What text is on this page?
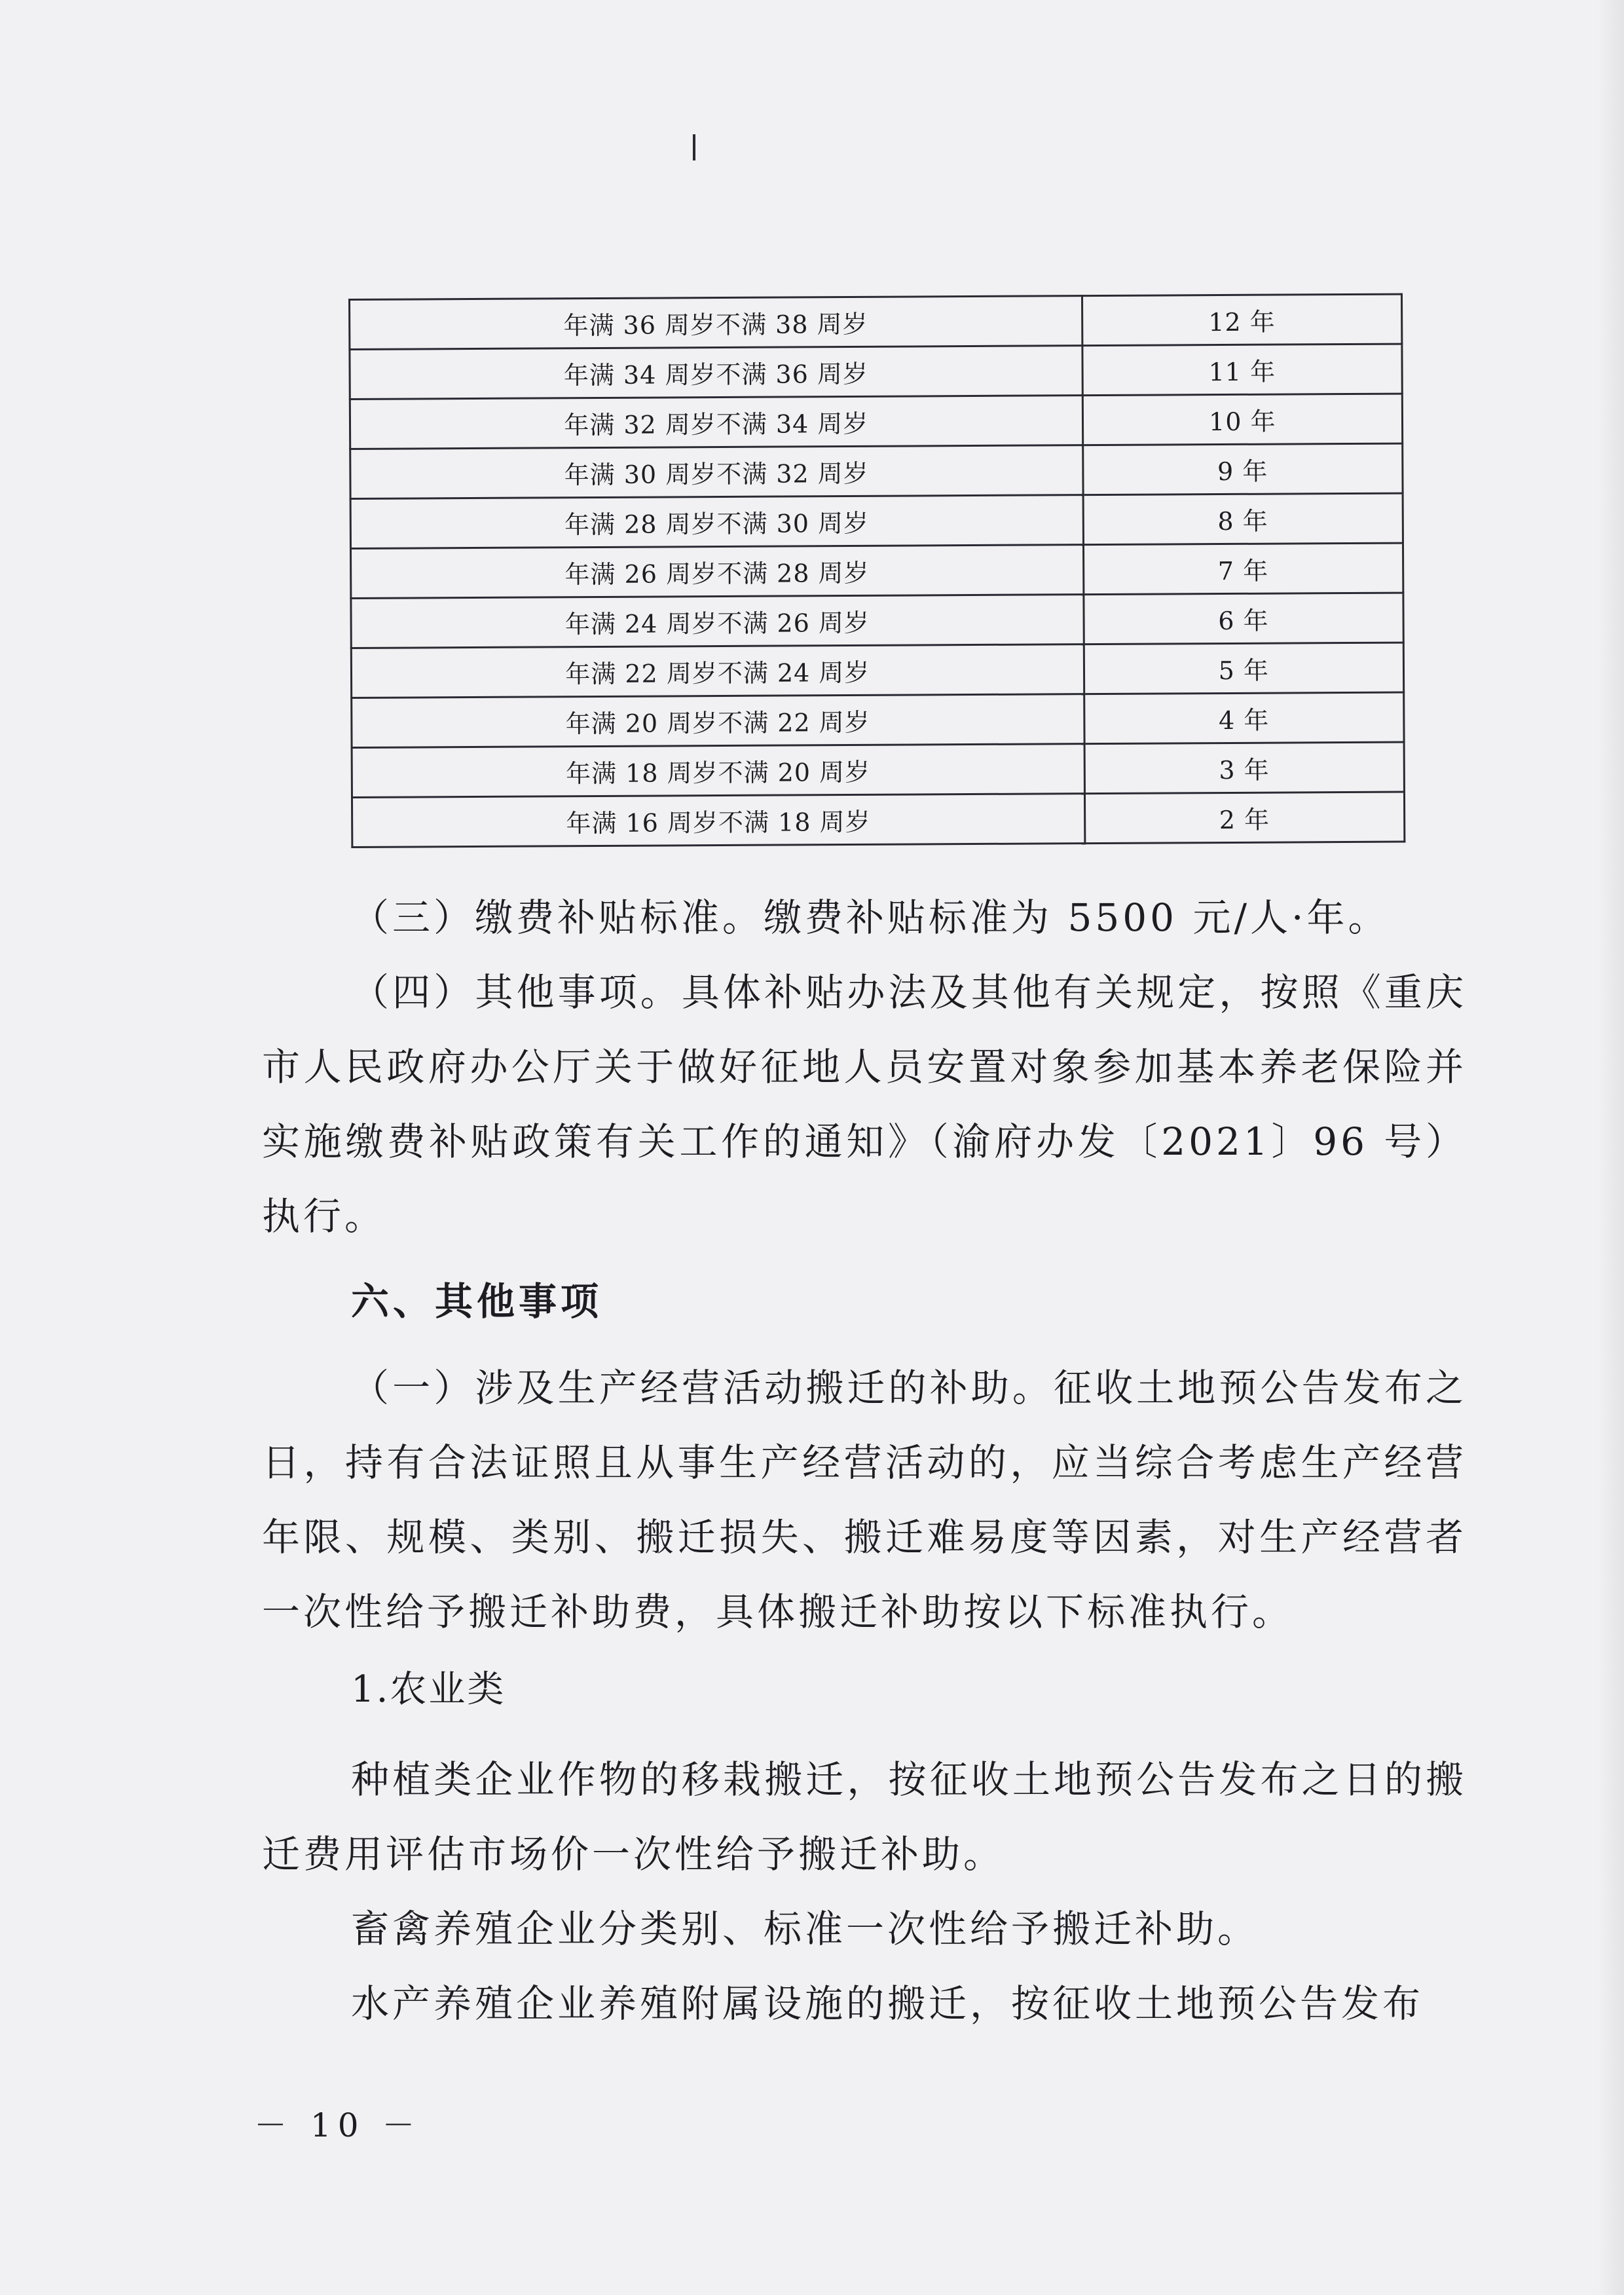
年满 36 周岁不满 38 周岁	12 年
年满 34 周岁不满 36 周岁	11 年
年满 32 周岁不满 34 周岁	10 年
年满 30 周岁不满 32 周岁	9 年
年满 28 周岁不满 30 周岁	8 年
年满 26 周岁不满 28 周岁	7 年
年满 24 周岁不满 26 周岁	6 年
年满 22 周岁不满 24 周岁	5 年
年满 20 周岁不满 22 周岁	4 年
年满 18 周岁不满 20 周岁	3 年
年满 16 周岁不满 18 周岁	2 年

（三）缴费补贴标准。缴费补贴标准为 5500 元/人·年。

（四）其他事项。具体补贴办法及其他有关规定，按照《重庆市人民政府办公厅关于做好征地人员安置对象参加基本养老保险并实施缴费补贴政策有关工作的通知》（渝府办发〔2021〕96 号）执行。

六、其他事项

（一）涉及生产经营活动搬迁的补助。征收土地预公告发布之日，持有合法证照且从事生产经营活动的，应当综合考虑生产经营年限、规模、类别、搬迁损失、搬迁难易度等因素，对生产经营者一次性给予搬迁补助费，具体搬迁补助按以下标准执行。

1.农业类

种植类企业作物的移栽搬迁，按征收土地预公告发布之日的搬迁费用评估市场价一次性给予搬迁补助。

畜禽养殖企业分类别、标准一次性给予搬迁补助。

水产养殖企业养殖附属设施的搬迁，按征收土地预公告发布

－ 10 －
